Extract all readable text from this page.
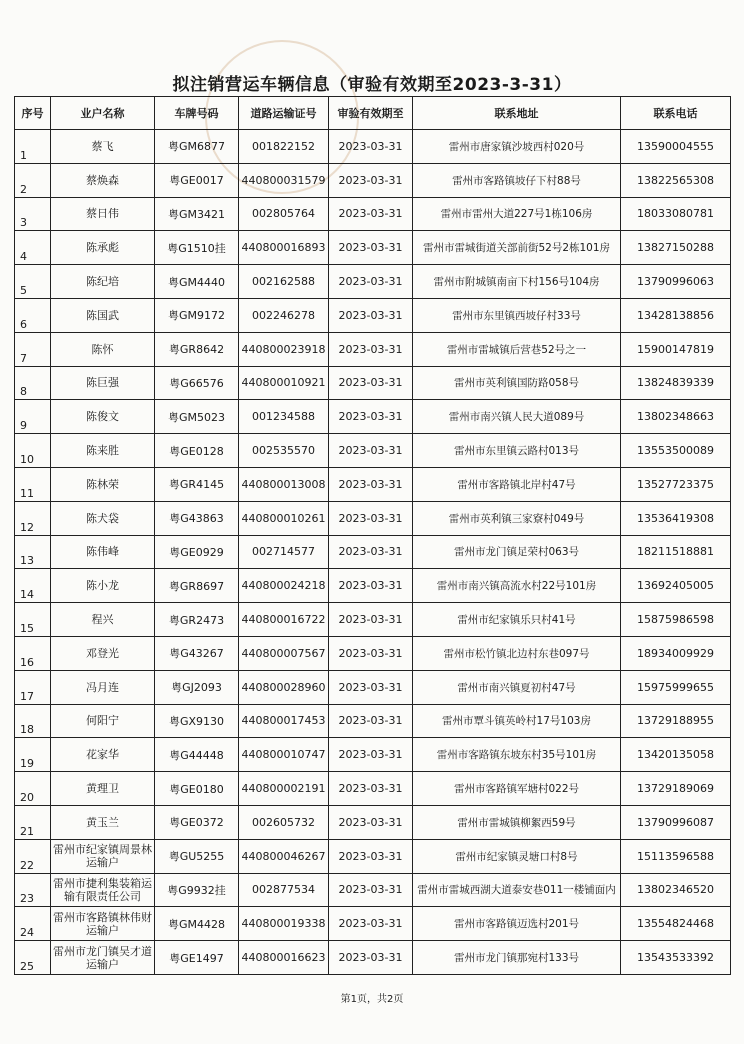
拟注销营运车辆信息（审验有效期至2023-3-31）
序号	业户名称	车牌号码	道路运输证号	审验有效期至	联系地址	联系电话
1	蔡飞	粤GM6877	001822152	2023-03-31	雷州市唐家镇沙坡西村020号	13590004555
2	蔡焕森	粤GE0017	440800031579	2023-03-31	雷州市客路镇坡仔下村88号	13822565308
3	蔡日伟	粤GM3421	002805764	2023-03-31	雷州市雷州大道227号1栋106房	18033080781
4	陈承彪	粤G1510挂	440800016893	2023-03-31	雷州市雷城街道关部前街52号2栋101房	13827150288
5	陈纪培	粤GM4440	002162588	2023-03-31	雷州市附城镇南亩下村156号104房	13790996063
6	陈国武	粤GM9172	002246278	2023-03-31	雷州市东里镇西坡仔村33号	13428138856
7	陈怀	粤GR8642	440800023918	2023-03-31	雷州市雷城镇后营巷52号之一	15900147819
8	陈巨强	粤G66576	440800010921	2023-03-31	雷州市英利镇国防路058号	13824839339
9	陈俊文	粤GM5023	001234588	2023-03-31	雷州市南兴镇人民大道089号	13802348663
10	陈来胜	粤GE0128	002535570	2023-03-31	雷州市东里镇云路村013号	13553500089
11	陈林荣	粤GR4145	440800013008	2023-03-31	雷州市客路镇北岸村47号	13527723375
12	陈犬袋	粤G43863	440800010261	2023-03-31	雷州市英利镇三家寮村049号	13536419308
13	陈伟峰	粤GE0929	002714577	2023-03-31	雷州市龙门镇足荣村063号	18211518881
14	陈小龙	粤GR8697	440800024218	2023-03-31	雷州市南兴镇高流水村22号101房	13692405005
15	程兴	粤GR2473	440800016722	2023-03-31	雷州市纪家镇乐只村41号	15875986598
16	邓登光	粤G43267	440800007567	2023-03-31	雷州市松竹镇北边村东巷097号	18934009929
17	冯月连	粤GJ2093	440800028960	2023-03-31	雷州市南兴镇夏初村47号	15975999655
18	何阳宁	粤GX9130	440800017453	2023-03-31	雷州市覃斗镇英岭村17号103房	13729188955
19	花家华	粤G44448	440800010747	2023-03-31	雷州市客路镇东坡东村35号101房	13420135058
20	黄理卫	粤GE0180	440800002191	2023-03-31	雷州市客路镇军塘村022号	13729189069
21	黄玉兰	粤GE0372	002605732	2023-03-31	雷州市雷城镇柳絮西59号	13790996087
22	雷州市纪家镇周景林运输户	粤GU5255	440800046267	2023-03-31	雷州市纪家镇灵塘口村8号	15113596588
23	雷州市捷利集装箱运输有限责任公司	粤G9932挂	002877534	2023-03-31	雷州市雷城西湖大道泰安巷011一楼铺面内	13802346520
24	雷州市客路镇林伟财运输户	粤GM4428	440800019338	2023-03-31	雷州市客路镇迈选村201号	13554824468
25	雷州市龙门镇吴才道运输户	粤GE1497	440800016623	2023-03-31	雷州市龙门镇那宛村133号	13543533392
第1页，共2页
